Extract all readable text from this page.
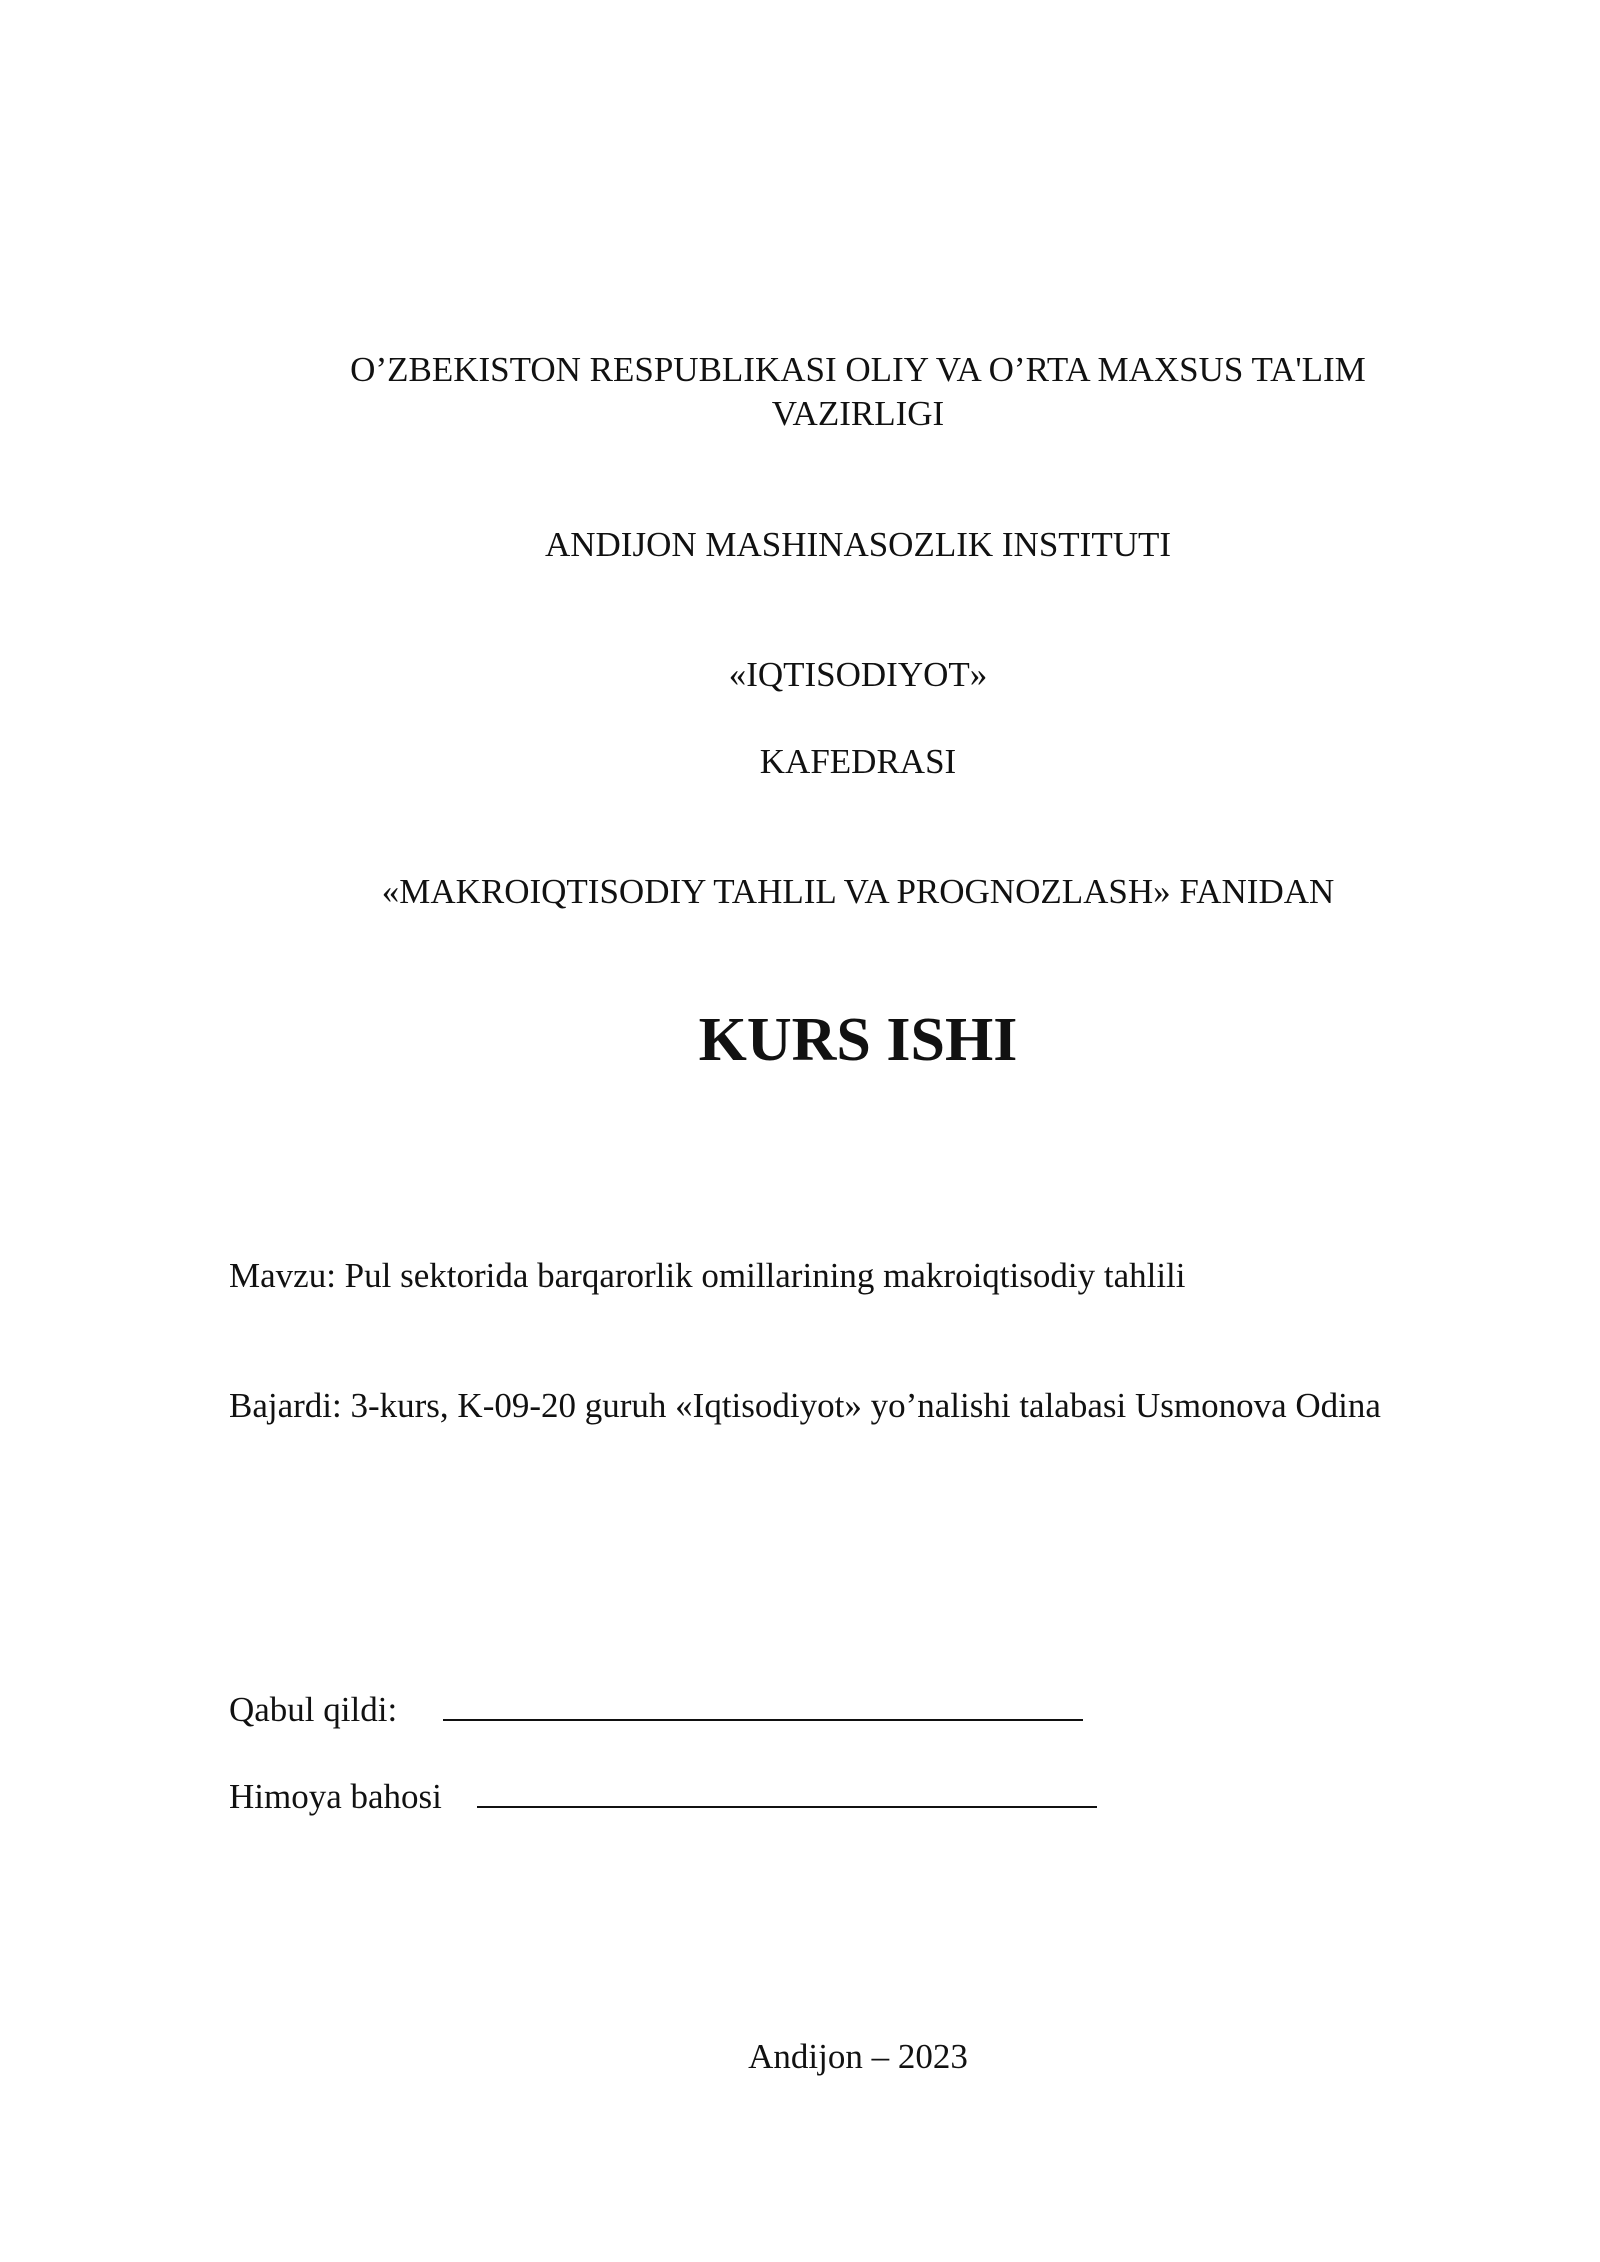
O’ZBEKISTON RESPUBLIKASI OLIY VA O’RTA MAXSUS TA'LIM
VAZIRLIGI
ANDIJON MASHINASOZLIK INSTITUTI
«IQTISODIYOT»
KAFEDRASI
«MAKROIQTISODIY TAHLIL VA PROGNOZLASH» FANIDAN
KURS ISHI
Mavzu: Pul sektorida barqarorlik omillarining makroiqtisodiy tahlili
Bajardi: 3-kurs, K-09-20 guruh «Iqtisodiyot» yo’nalishi talabasi Usmonova Odina
Qabul qildi:
Himoya bahosi
Andijon – 2023
